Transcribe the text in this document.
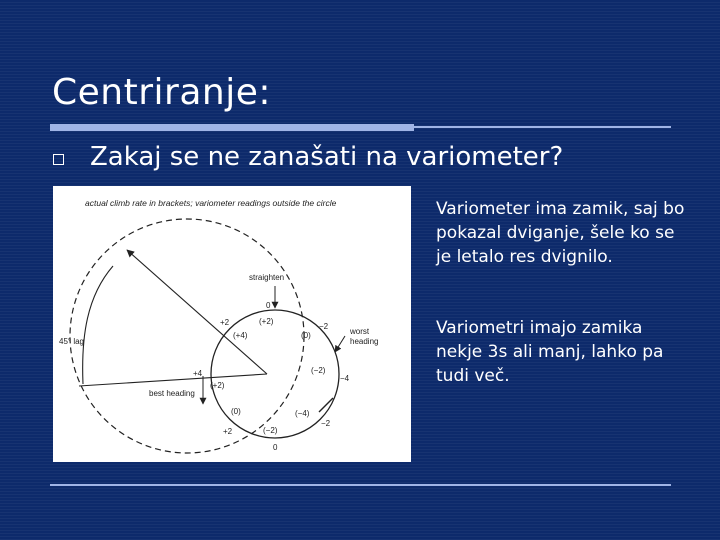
Centriranje:
Zakaj se ne zanašati na variometer?
actual climb rate in brackets; variometer readings outside the circle
straighten
worst
heading
best heading
45° lag
0
(+2)
+2
(+4)
−2
(0)
+4
(+2)
−4
(−2)
+2
(0)
−2
(−4)
0
(−2)
Variometer ima zamik, saj bo pokazal dviganje, šele ko se je letalo res dvignilo.
Variometri imajo zamika nekje 3s ali manj, lahko pa tudi več.
